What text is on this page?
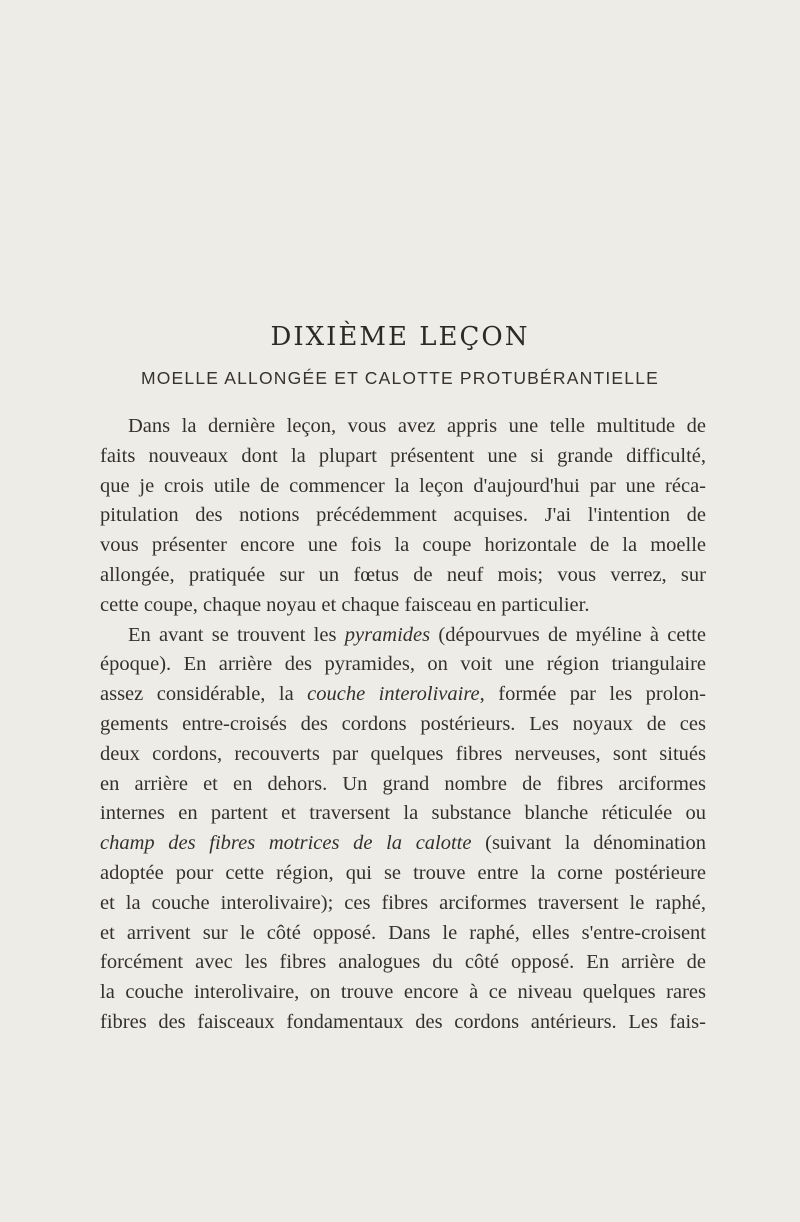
DIXIÈME LEÇON
MOELLE ALLONGÉE ET CALOTTE PROTUBÉRANTIELLE

Dans la dernière leçon, vous avez appris une telle multitude de
faits nouveaux dont la plupart présentent une si grande difficulté,
que je crois utile de commencer la leçon d'aujourd'hui par une réca-
pitulation des notions précédemment acquises. J'ai l'intention de
vous présenter encore une fois la coupe horizontale de la moelle
allongée, pratiquée sur un fœtus de neuf mois; vous verrez, sur
cette coupe, chaque noyau et chaque faisceau en particulier.

En avant se trouvent les pyramides (dépourvues de myéline à cette
époque). En arrière des pyramides, on voit une région triangulaire
assez considérable, la couche interolivaire, formée par les prolon-
gements entre-croisés des cordons postérieurs. Les noyaux de ces
deux cordons, recouverts par quelques fibres nerveuses, sont situés
en arrière et en dehors. Un grand nombre de fibres arciformes
internes en partent et traversent la substance blanche réticulée ou
champ des fibres motrices de la calotte (suivant la dénomination
adoptée pour cette région, qui se trouve entre la corne postérieure
et la couche interolivaire); ces fibres arciformes traversent le raphé,
et arrivent sur le côté opposé. Dans le raphé, elles s'entre-croisent
forcément avec les fibres analogues du côté opposé. En arrière de
la couche interolivaire, on trouve encore à ce niveau quelques rares
fibres des faisceaux fondamentaux des cordons antérieurs. Les fais-
